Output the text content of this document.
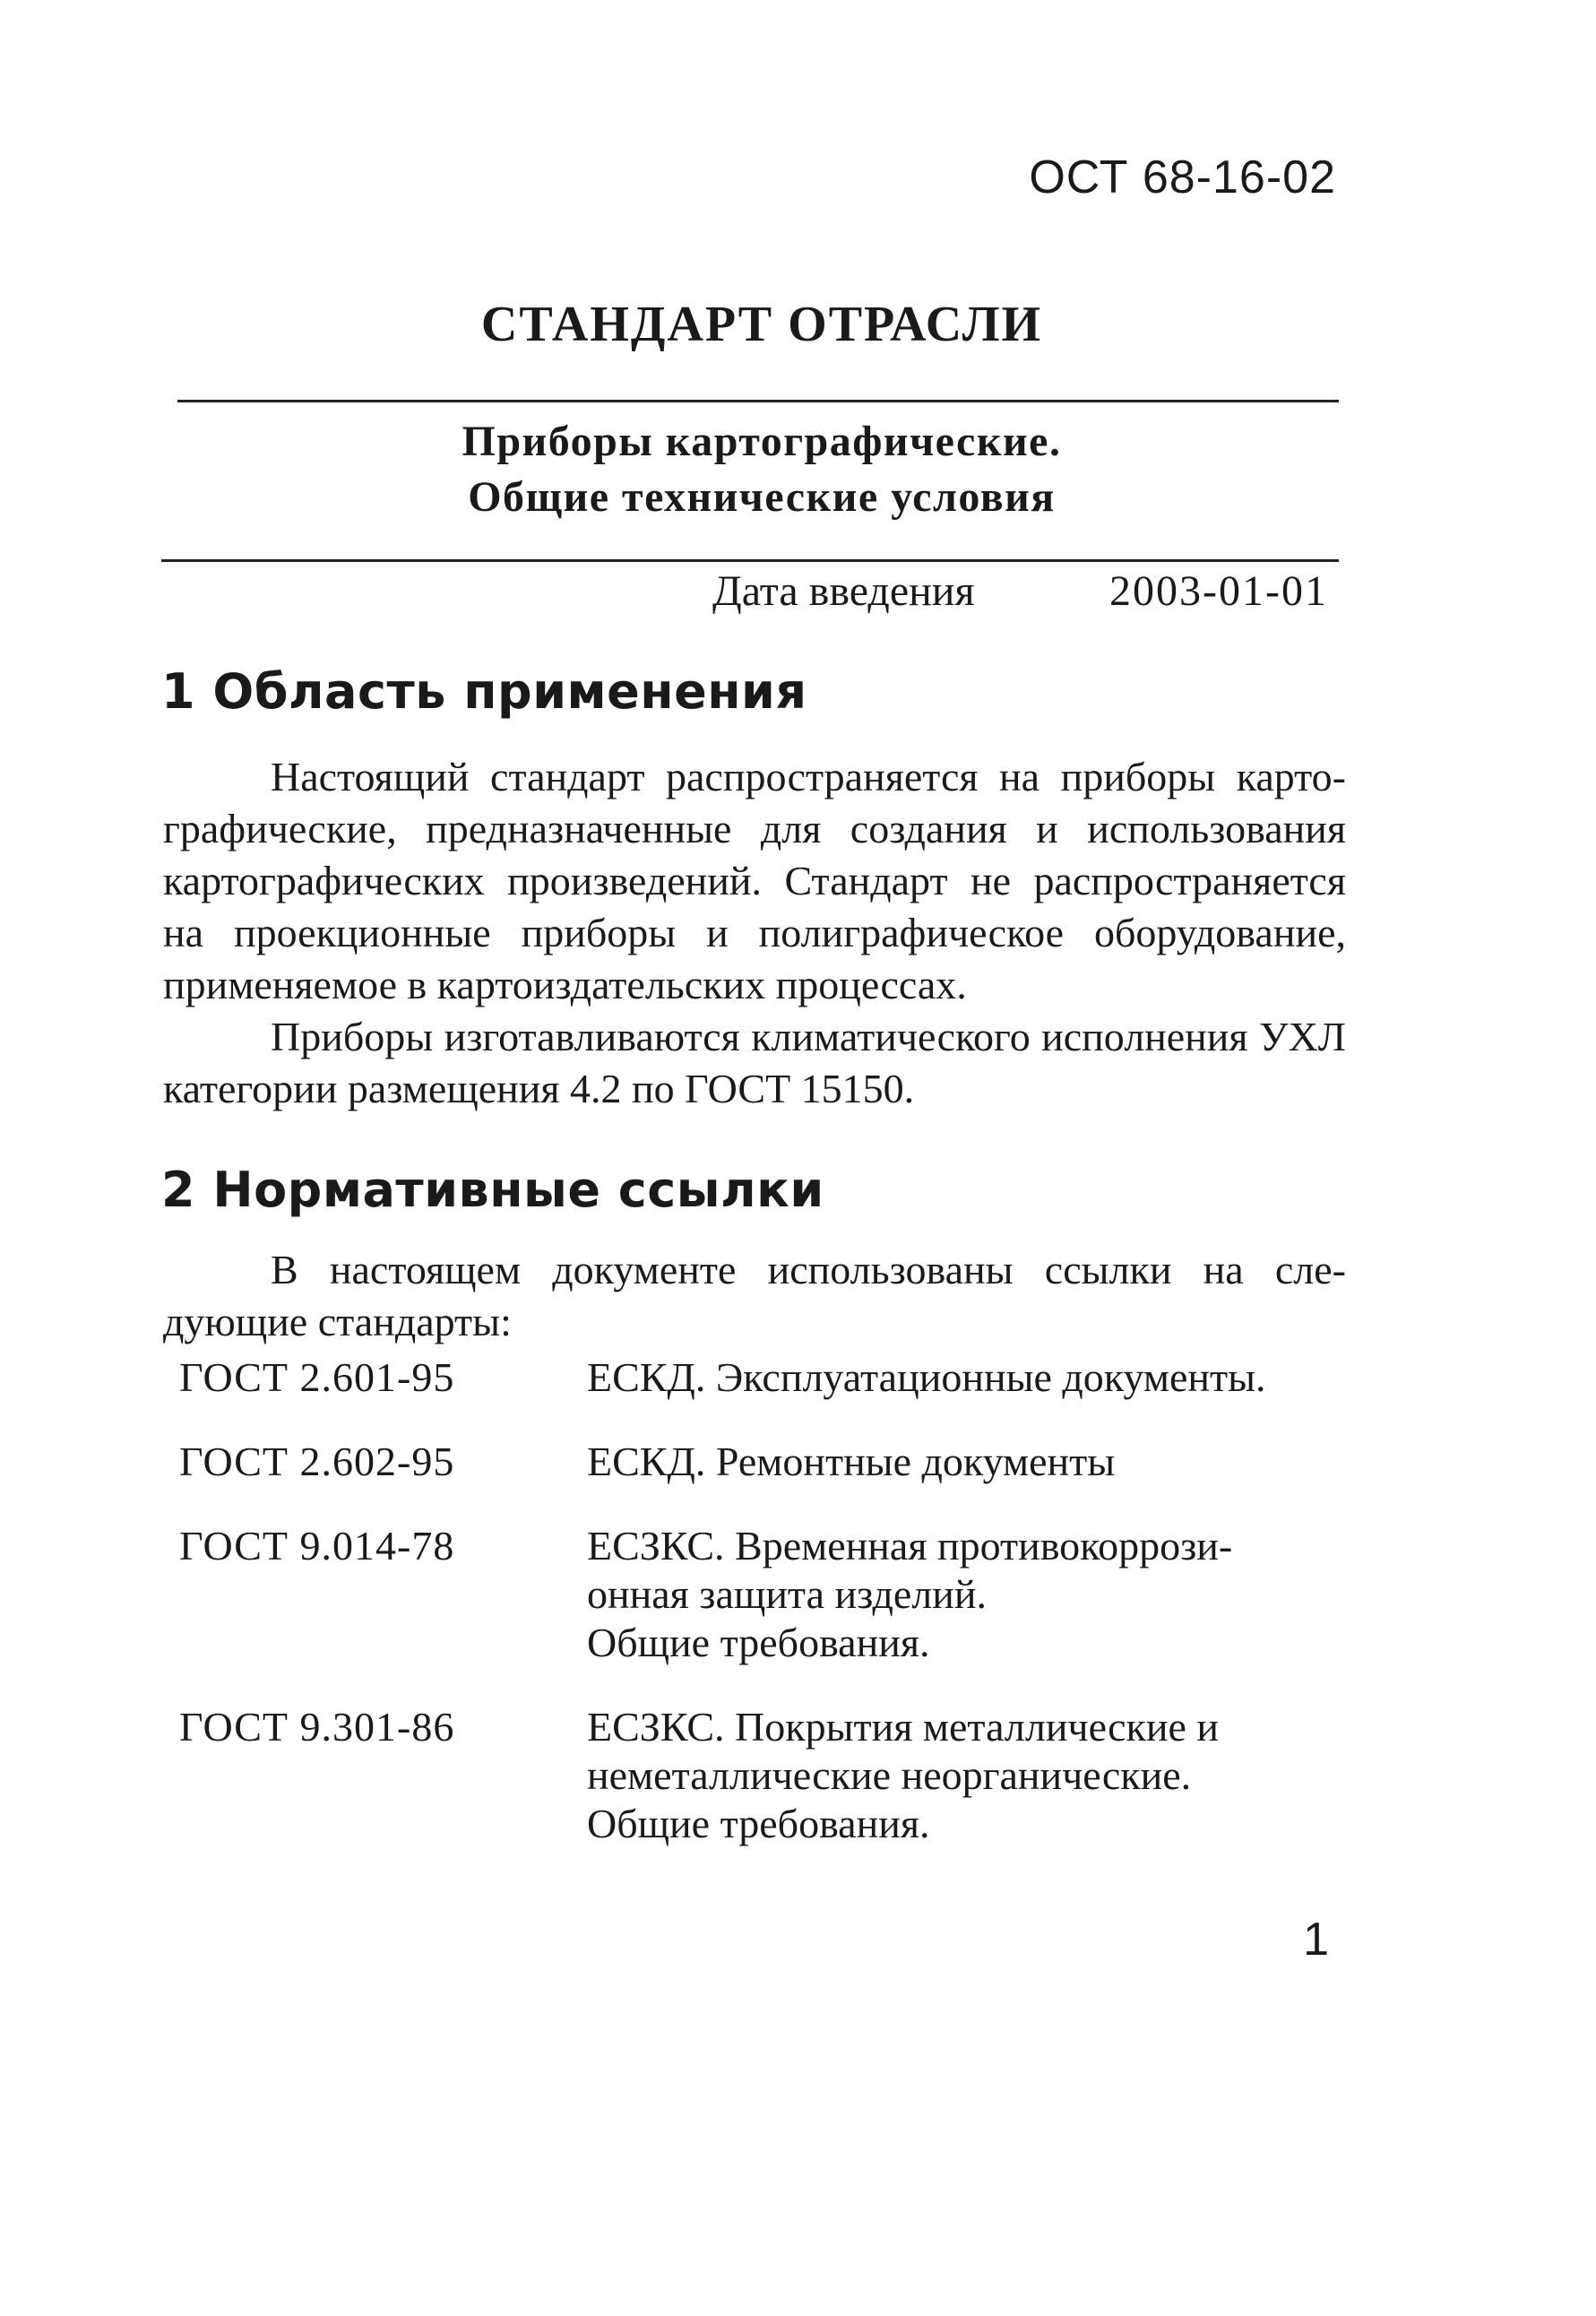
ОСТ 68-16-02
СТАНДАРТ ОТРАСЛИ
Приборы картографические.
Общие технические условия
Дата введения	2003-01-01
1 Область применения

Настоящий стандарт распространяется на приборы картографические, предназначенные для создания и использования картографических произведений. Стандарт не распространяется на проекционные приборы и полиграфическое оборудование, применяемое в картоиздательских процессах.

Приборы изготавливаются климатического исполнения УХЛ категории размещения 4.2 по ГОСТ 15150.

2 Нормативные ссылки

В настоящем документе использованы ссылки на следующие стандарты:

ГОСТ 2.601-95	ЕСКД. Эксплуатационные документы.
ГОСТ 2.602-95	ЕСКД. Ремонтные документы
ГОСТ 9.014-78	ЕСЗКС. Временная противокоррози-
онная защита изделий.
Общие требования.
ГОСТ 9.301-86	ЕСЗКС. Покрытия металлические и
неметаллические неорганические.
Общие требования.
1
